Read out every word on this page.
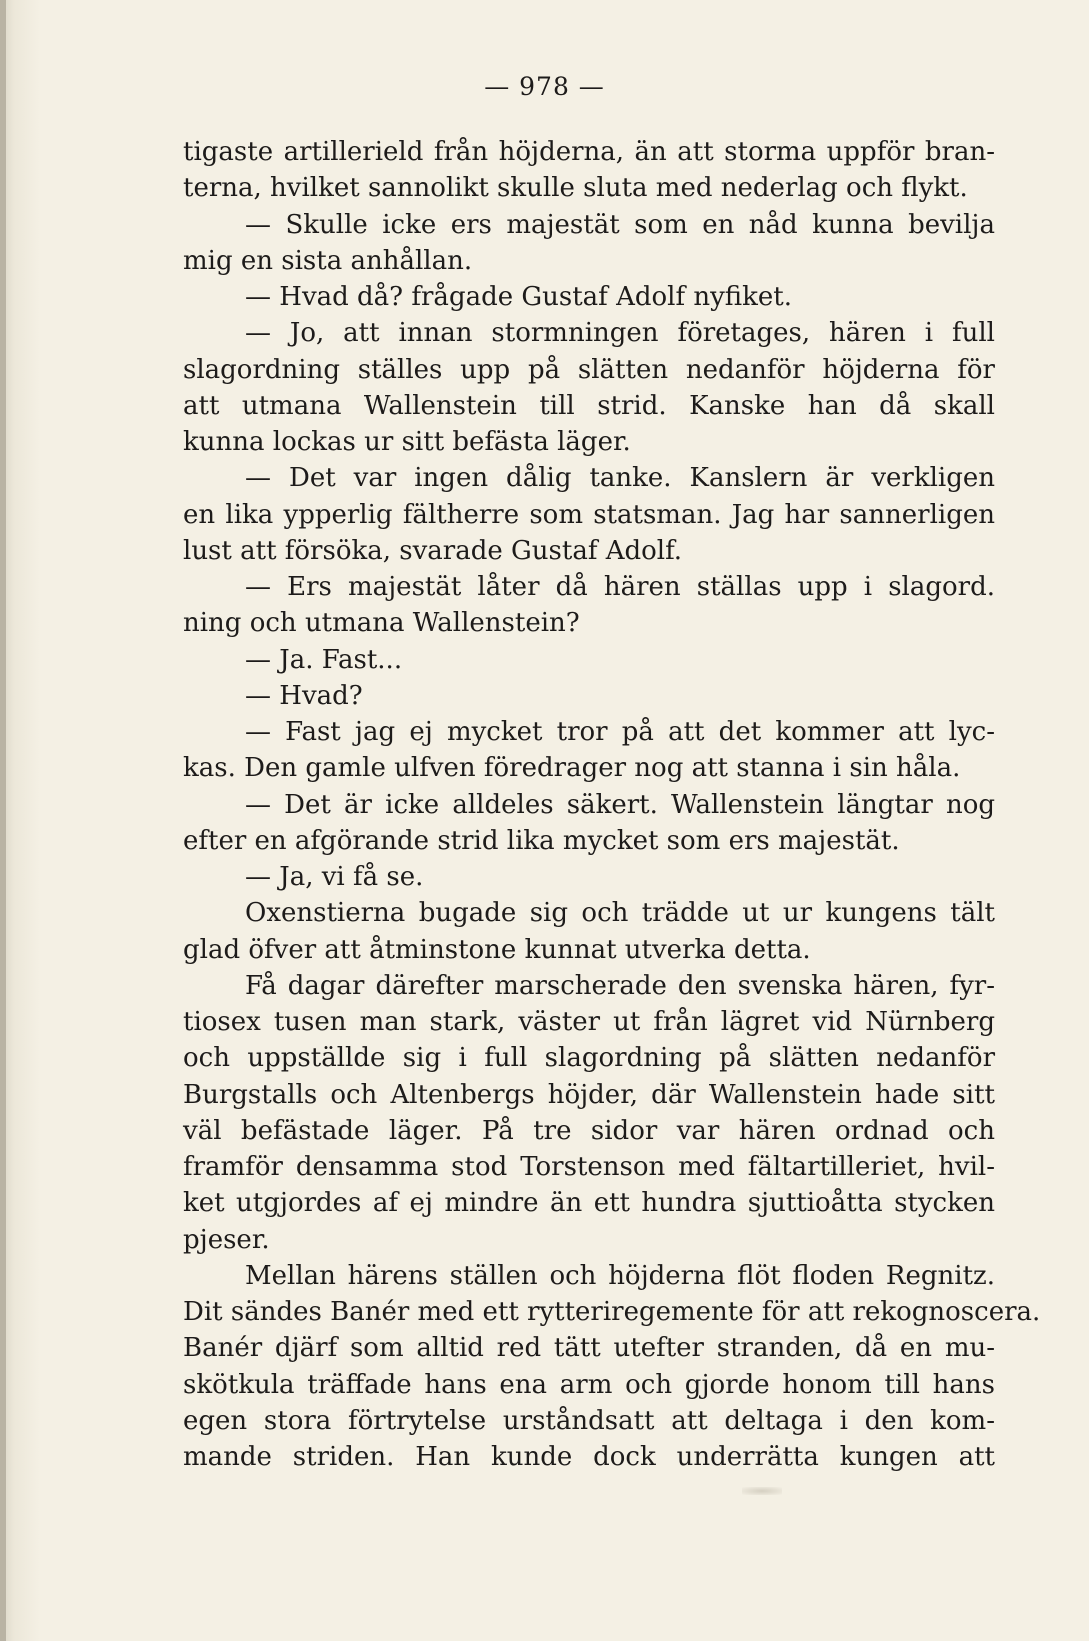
— 978 —
tigaste artillerield från höjderna, än att storma uppför bran-
terna, hvilket sannolikt skulle sluta med nederlag och flykt.
— Skulle icke ers majestät som en nåd kunna bevilja
mig en sista anhållan.
— Hvad då? frågade Gustaf Adolf nyfiket.
— Jo, att innan stormningen företages, hären i full
slagordning ställes upp på slätten nedanför höjderna för
att utmana Wallenstein till strid. Kanske han då skall
kunna lockas ur sitt befästa läger.
— Det var ingen dålig tanke. Kanslern är verkligen
en lika ypperlig fältherre som statsman. Jag har sannerligen
lust att försöka, svarade Gustaf Adolf.
— Ers majestät låter då hären ställas upp i slagord.
ning och utmana Wallenstein?
— Ja. Fast...
— Hvad?
— Fast jag ej mycket tror på att det kommer att lyc-
kas. Den gamle ulfven föredrager nog att stanna i sin håla.
— Det är icke alldeles säkert. Wallenstein längtar nog
efter en afgörande strid lika mycket som ers majestät.
— Ja, vi få se.
Oxenstierna bugade sig och trädde ut ur kungens tält
glad öfver att åtminstone kunnat utverka detta.
Få dagar därefter marscherade den svenska hären, fyr-
tiosex tusen man stark, väster ut från lägret vid Nürnberg
och uppställde sig i full slagordning på slätten nedanför
Burgstalls och Altenbergs höjder, där Wallenstein hade sitt
väl befästade läger. På tre sidor var hären ordnad och
framför densamma stod Torstenson med fältartilleriet, hvil-
ket utgjordes af ej mindre än ett hundra sjuttioåtta stycken
pjeser.
Mellan härens ställen och höjderna flöt floden Regnitz.
Dit sändes Banér med ett rytteriregemente för att rekognoscera.
Banér djärf som alltid red tätt utefter stranden, då en mu-
skötkula träffade hans ena arm och gjorde honom till hans
egen stora förtrytelse urståndsatt att deltaga i den kom-
mande striden. Han kunde dock underrätta kungen att
